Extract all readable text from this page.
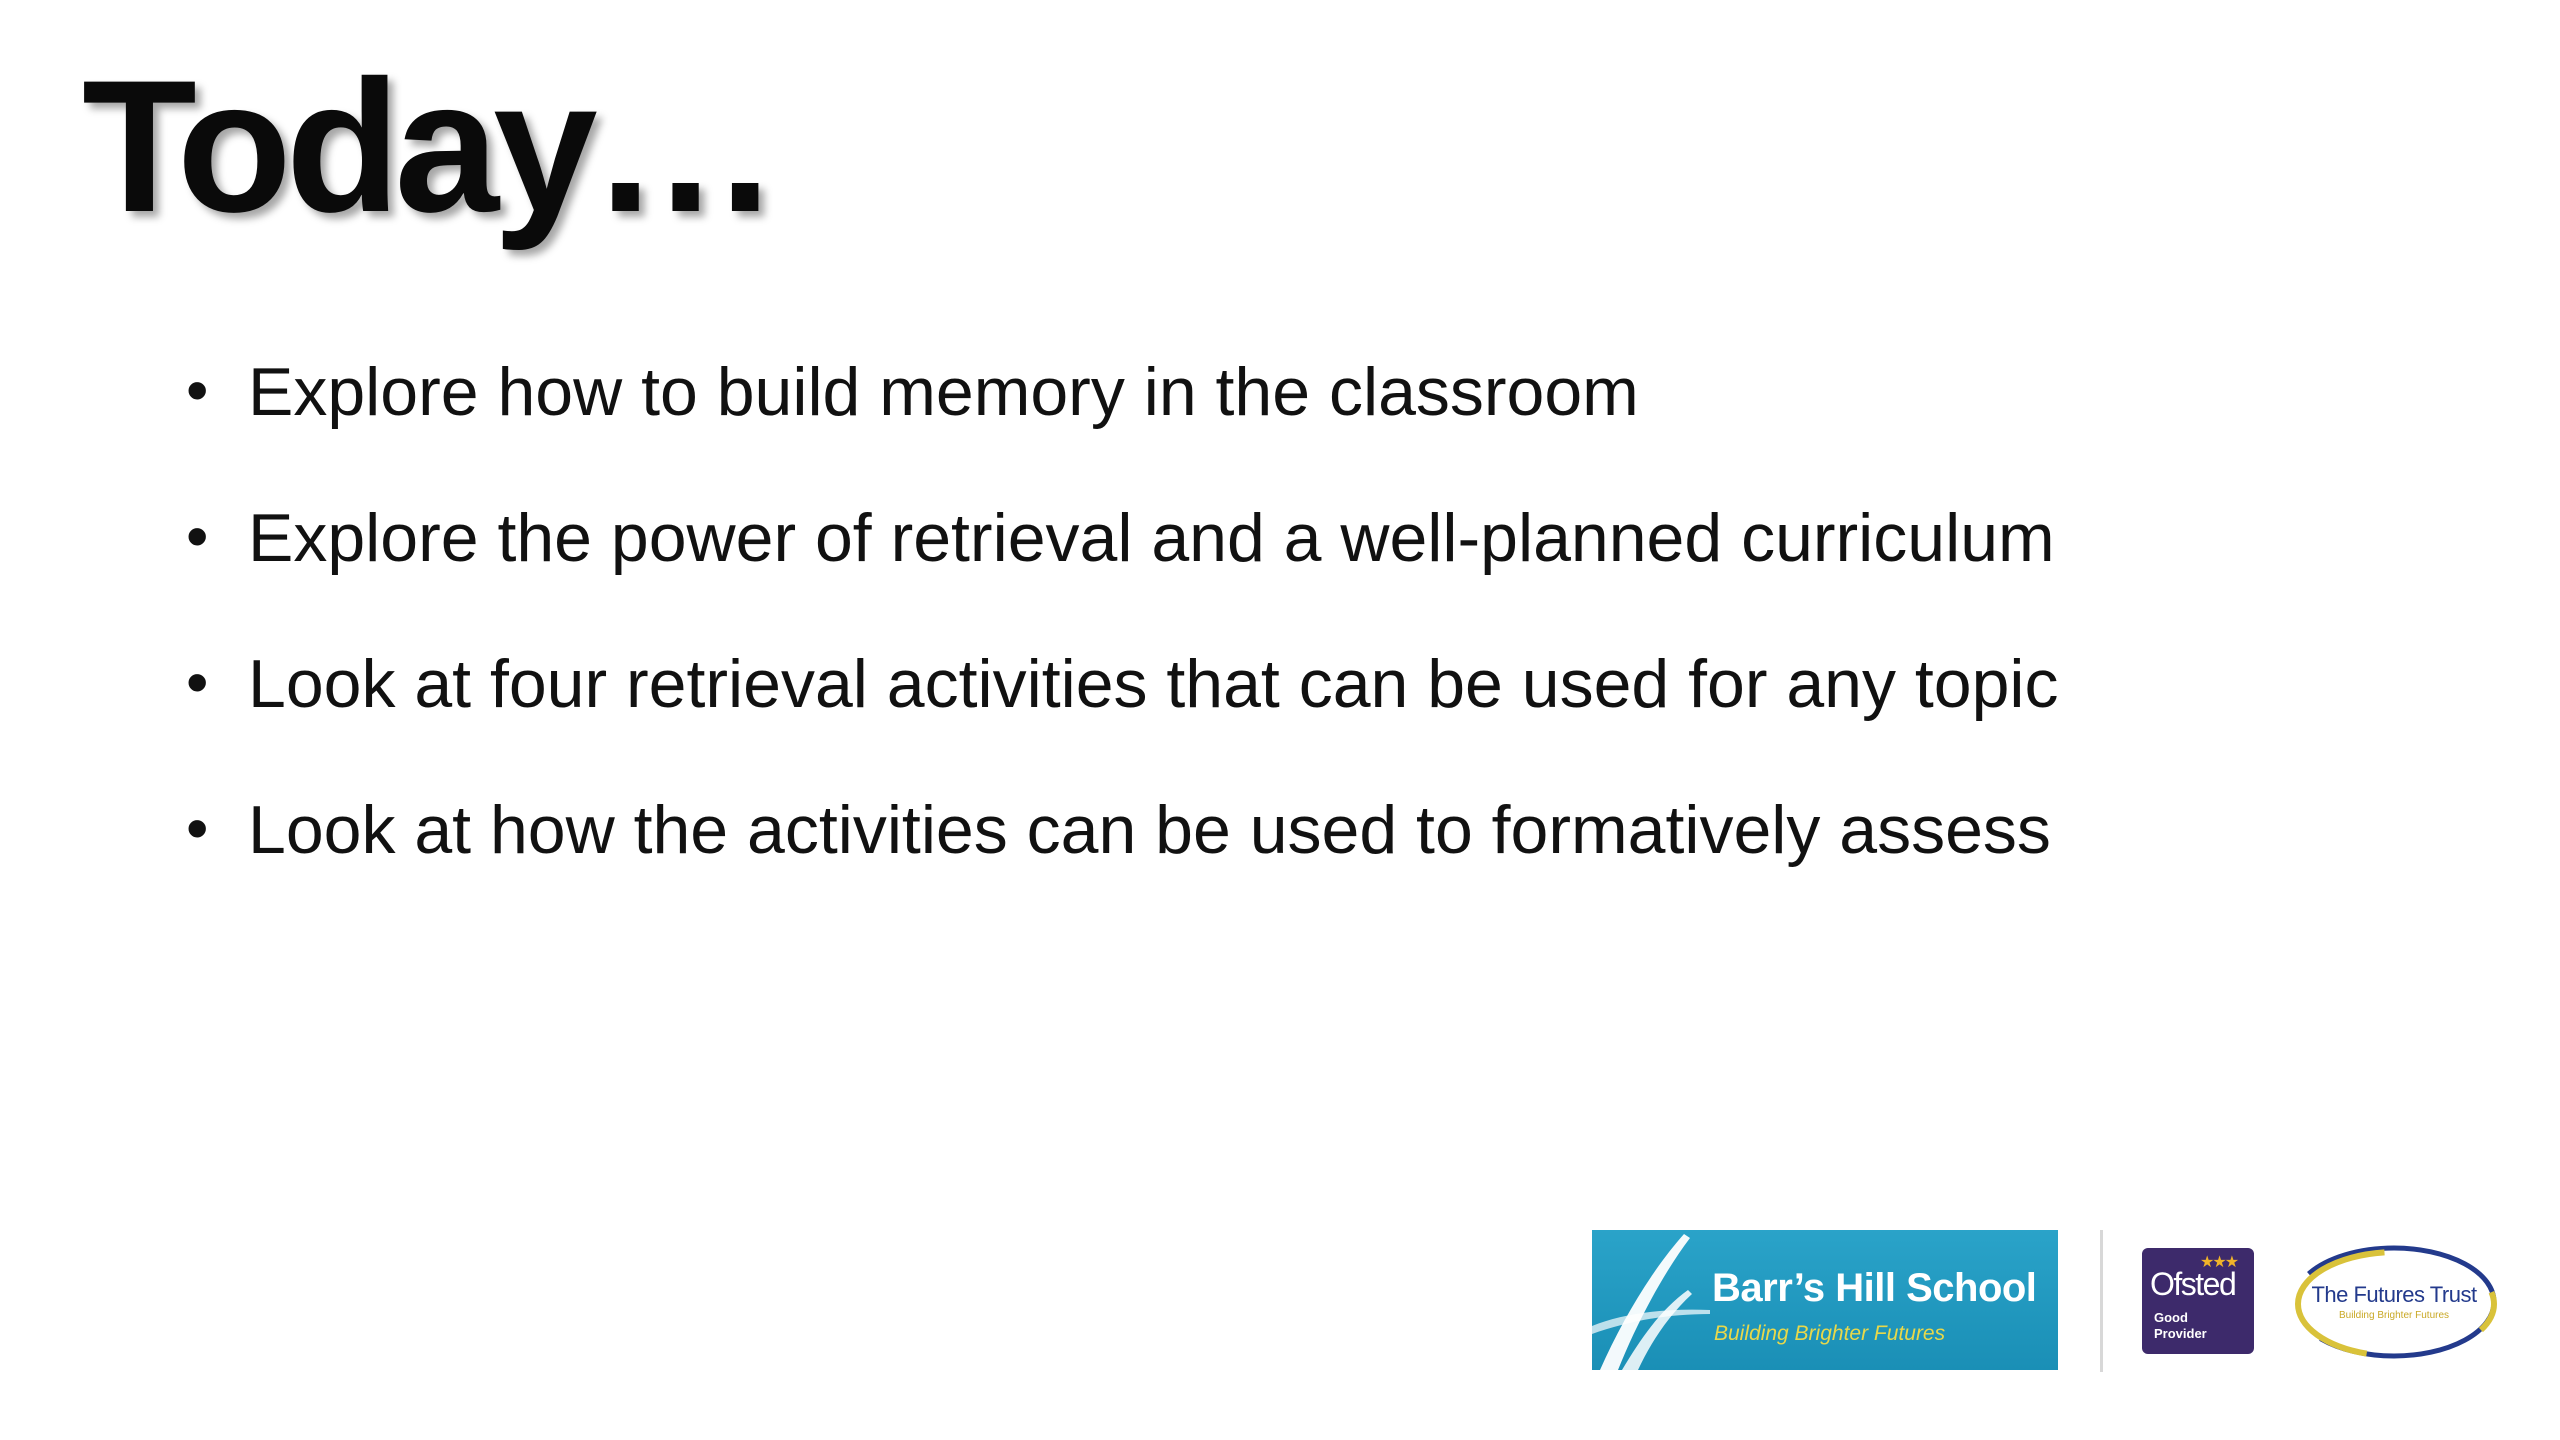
Today…
• Explore how to build memory in the classroom
• Explore the power of retrieval and a well-planned curriculum
• Look at four retrieval activities that can be used for any topic
• Look at how the activities can be used to formatively assess
Barr’s Hill School
Building Brighter Futures
★★★
Ofsted
Good
Provider
The Futures Trust
Building Brighter Futures
